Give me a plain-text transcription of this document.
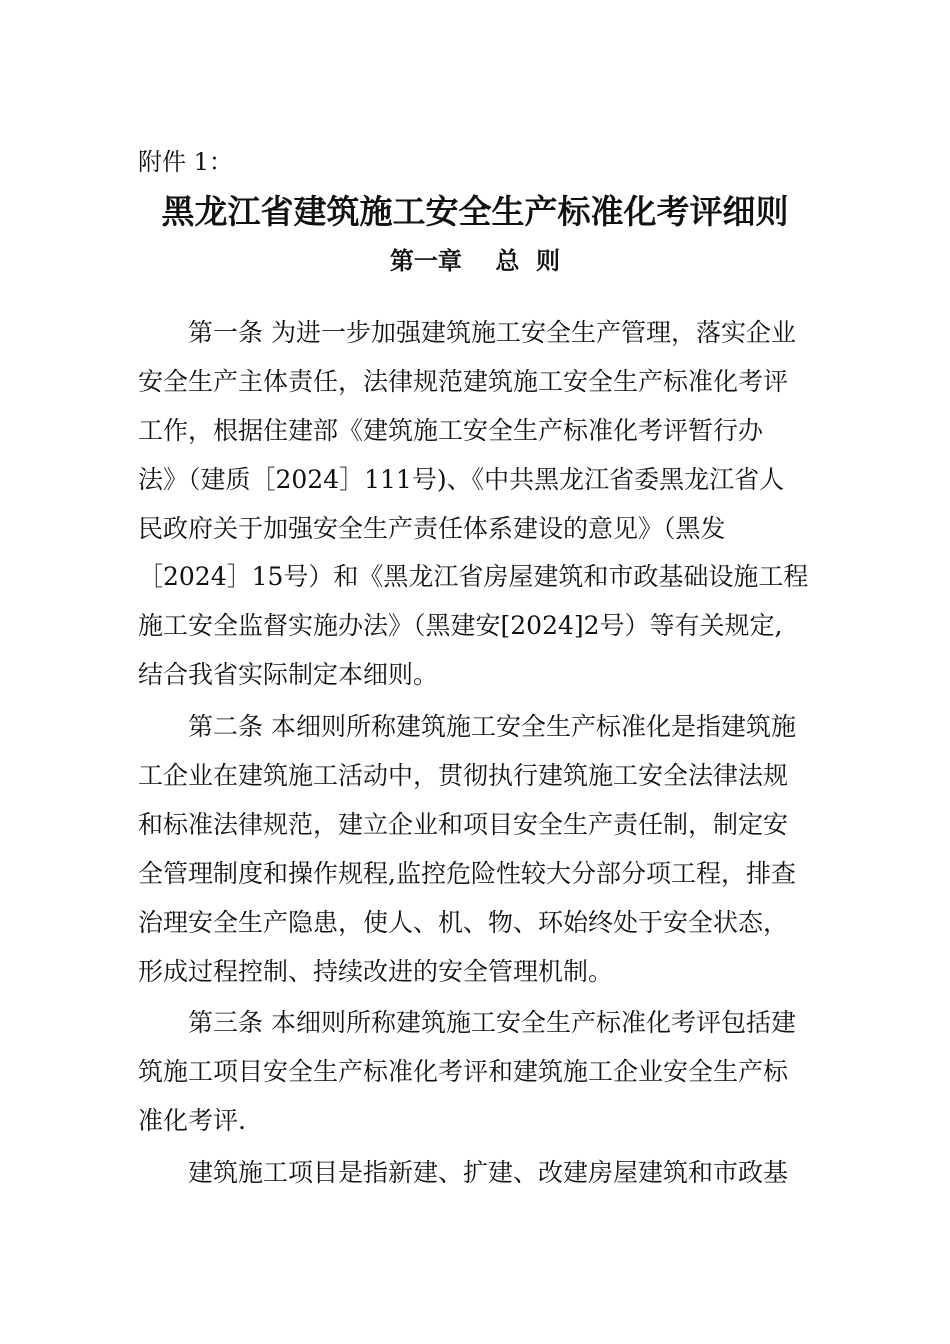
附件 1：
黑龙江省建筑施工安全生产标准化考评细则
第一章    总  则
第一条 为进一步加强建筑施工安全生产管理，落实企业
安全生产主体责任，法律规范建筑施工安全生产标准化考评
工作，根据住建部《建筑施工安全生产标准化考评暂行办
法》（建质［2024］111号)、《中共黑龙江省委黑龙江省人
民政府关于加强安全生产责任体系建设的意见》（黑发
［2024］15号）和《黑龙江省房屋建筑和市政基础设施工程
施工安全监督实施办法》（黑建安[2024]2号）等有关规定,
结合我省实际制定本细则。
第二条 本细则所称建筑施工安全生产标准化是指建筑施
工企业在建筑施工活动中，贯彻执行建筑施工安全法律法规
和标准法律规范，建立企业和项目安全生产责任制，制定安
全管理制度和操作规程,监控危险性较大分部分项工程，排查
治理安全生产隐患，使人、机、物、环始终处于安全状态，
形成过程控制、持续改进的安全管理机制。
第三条 本细则所称建筑施工安全生产标准化考评包括建
筑施工项目安全生产标准化考评和建筑施工企业安全生产标
准化考评.
建筑施工项目是指新建、扩建、改建房屋建筑和市政基
